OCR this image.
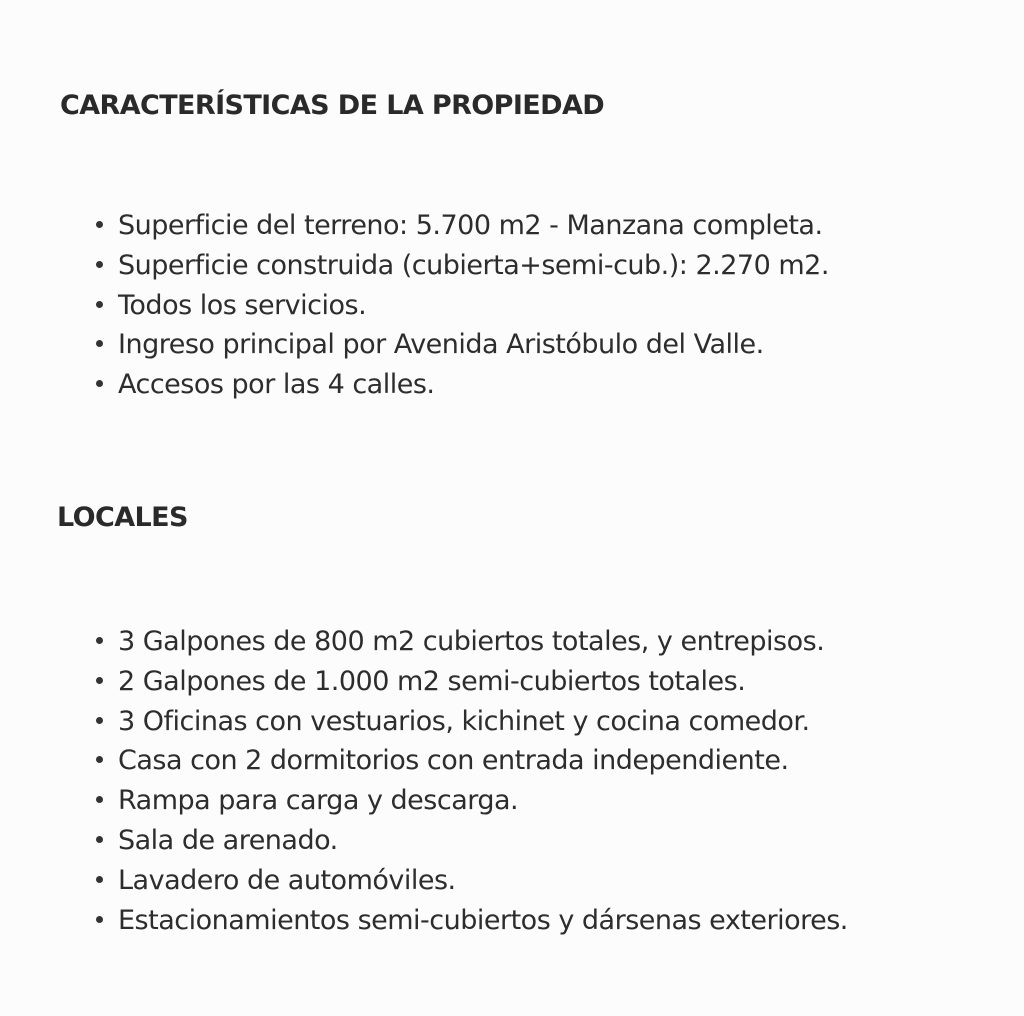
CARACTERÍSTICAS DE LA PROPIEDAD
Superficie del terreno: 5.700 m2 - Manzana completa.
Superficie construida (cubierta+semi-cub.): 2.270 m2.
Todos los servicios.
Ingreso principal por Avenida Aristóbulo del Valle.
Accesos por las 4 calles.
LOCALES
3 Galpones de 800 m2 cubiertos totales, y entrepisos.
2 Galpones de 1.000 m2 semi-cubiertos totales.
3 Oficinas con vestuarios, kichinet y cocina comedor.
Casa con 2 dormitorios con entrada independiente.
Rampa para carga y descarga.
Sala de arenado.
Lavadero de automóviles.
Estacionamientos semi-cubiertos y dársenas exteriores.
